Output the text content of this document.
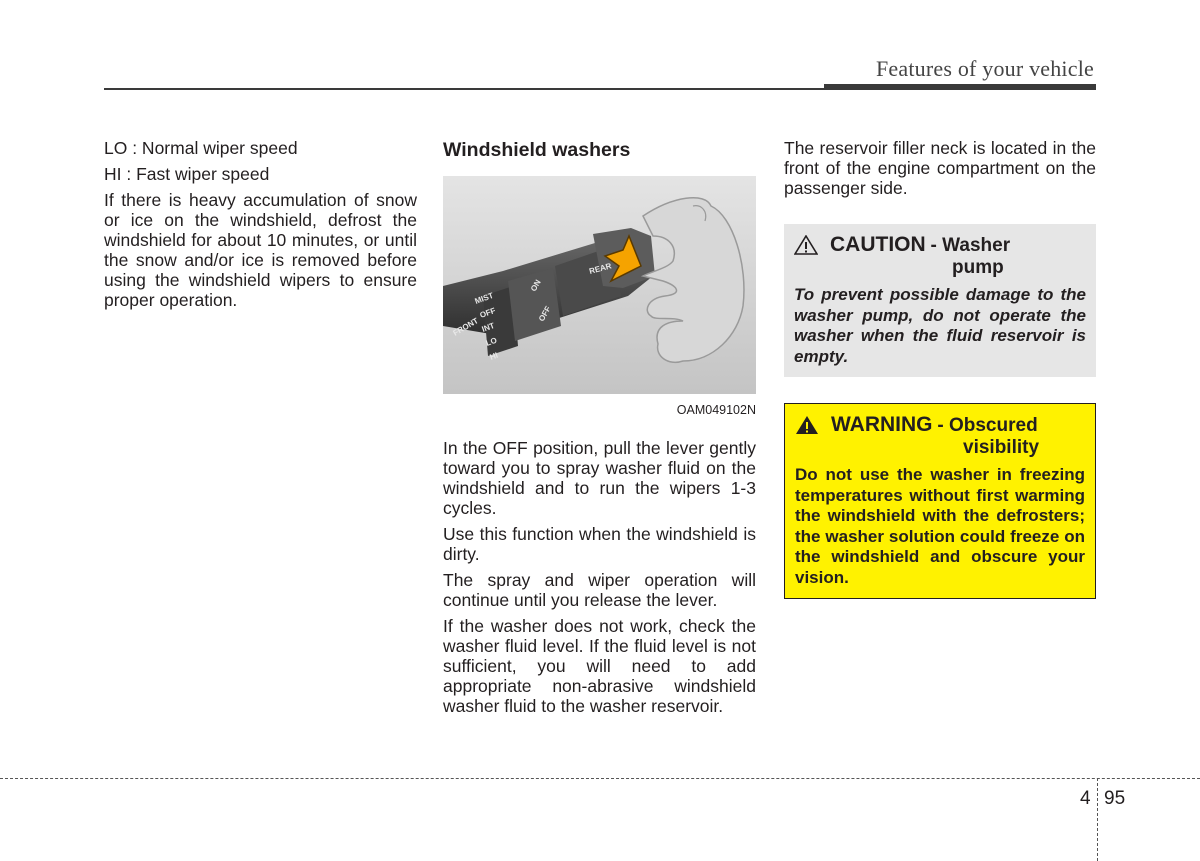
Features of your vehicle

LO : Normal wiper speed

HI : Fast wiper speed

If there is heavy accumulation of snow or ice on the windshield, defrost the windshield for about 10 minutes, or until the snow and/or ice is removed before using the windshield wipers to ensure proper operation.

Windshield washers
MIST
OFF
INT
LO
HI
ON
OFF
FRONT
REAR
OAM049102N

In the OFF position, pull the lever gently toward you to spray washer fluid on the windshield and to run the wipers 1-3 cycles.

Use this function when the windshield is dirty.

The spray and wiper operation will continue until you release the lever.

If the washer does not work, check the washer fluid level. If the fluid level is not sufficient, you will need to add appropriate non-abrasive windshield washer fluid to the washer reservoir.

The reservoir filler neck is located in the front of the engine compartment on the passenger side.

CAUTION - Washer
pump
To prevent possible damage to the washer pump, do not operate the washer when the fluid reservoir is empty.
WARNING - Obscured
visibility
Do not use the washer in freezing temperatures without first warming the windshield with the defrosters; the washer solution could freeze on the windshield and obscure your vision.
4 95
